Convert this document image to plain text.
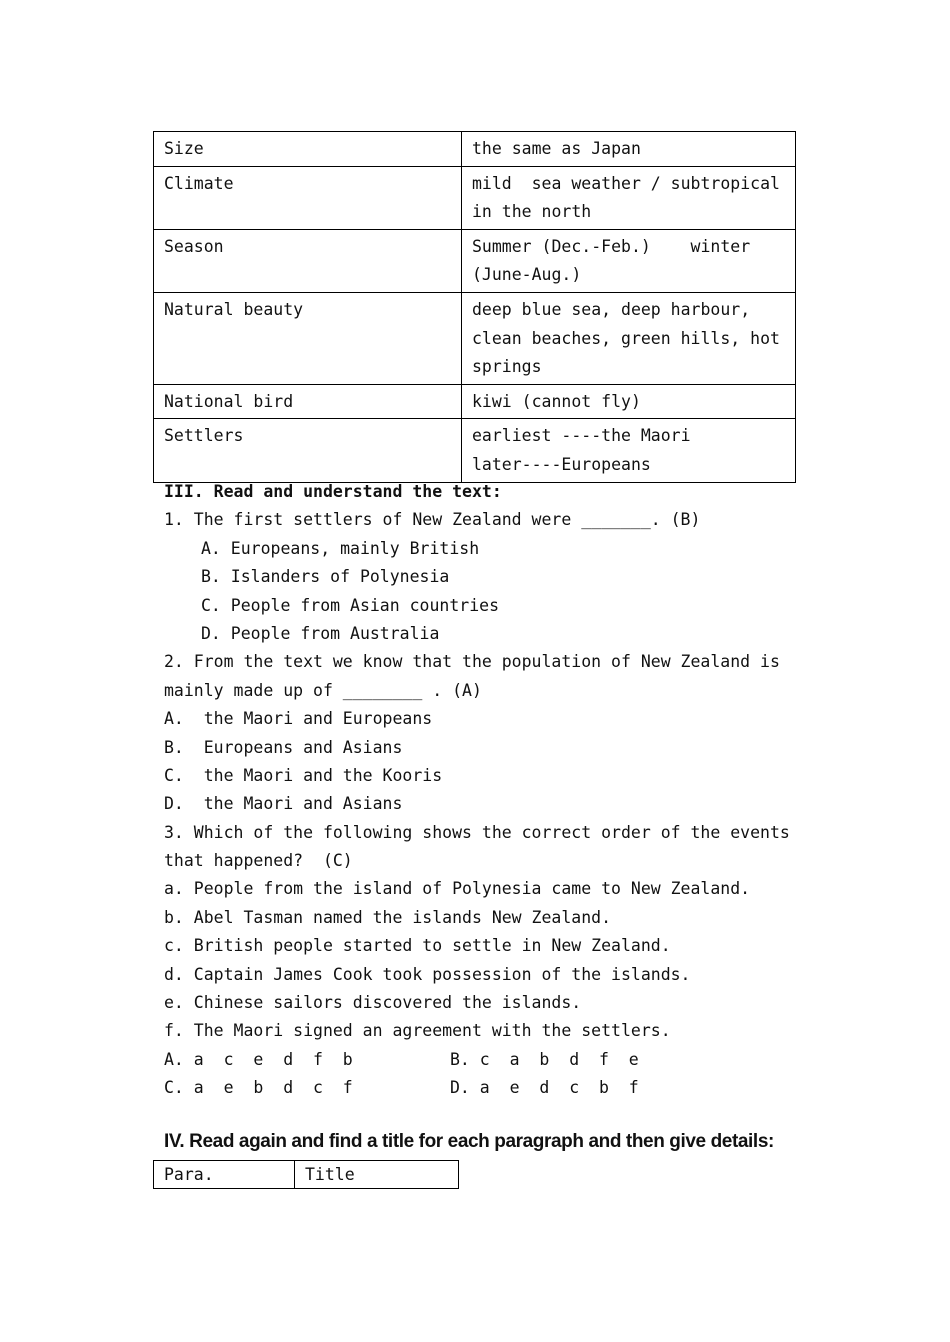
Size	the same as Japan

Climate	mild  sea weather / subtropical
in the north

Season	Summer (Dec.-Feb.)    winter
(June-Aug.)

Natural beauty	deep blue sea, deep harbour,
clean beaches, green hills, hot
springs

National bird	kiwi (cannot fly)

Settlers	earliest ----the Maori
later----Europeans
III. Read and understand the text:
1. The first settlers of New Zealand were _______. (B)
A. Europeans, mainly British
B. Islanders of Polynesia
C. People from Asian countries
D. People from Australia
2. From the text we know that the population of New Zealand is
mainly made up of ________ . (A)
A.  the Maori and Europeans
B.  Europeans and Asians
C.  the Maori and the Kooris
D.  the Maori and Asians
3. Which of the following shows the correct order of the events
that happened?  (C)
a. People from the island of Polynesia came to New Zealand.
b. Abel Tasman named the islands New Zealand.
c. British people started to settle in New Zealand.
d. Captain James Cook took possession of the islands.
e. Chinese sailors discovered the islands.
f. The Maori signed an agreement with the settlers.
A. a  c  e  d  f  b	B. c  a  b  d  f  e
C. a  e  b  d  c  f	D. a  e  d  c  b  f
IV. Read again and find a title for each paragraph and then give details:
Para.	Title
